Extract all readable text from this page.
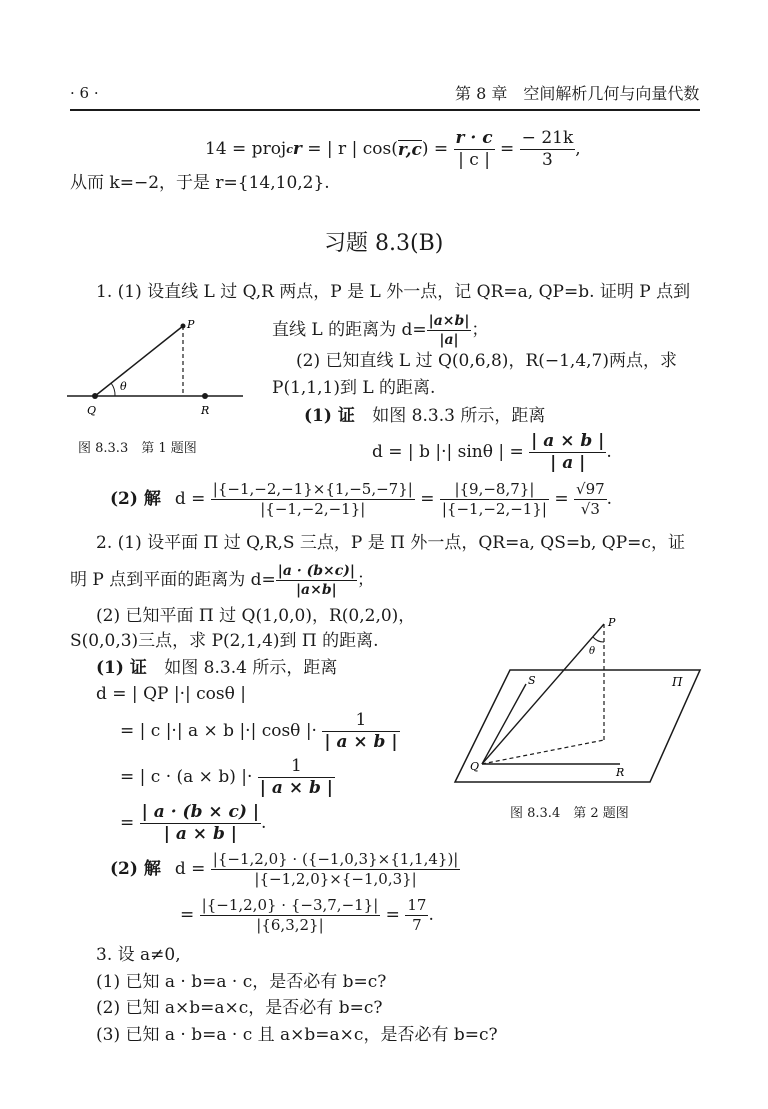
· 6 ·	第 8 章　空间解析几何与向量代数
14 = proj c r = | r | cos( r,c ) = $\frac{r \cdot c}{| c |} = \frac{- 21k}{3}$ ,
从而 k=−2，于是 r={14,10,2}.
习题 8.3(B)
1. (1) 设直线 L 过 Q,R 两点，P 是 L 外一点，记 QR=a, QP=b. 证明 P 点到
直线 L 的距离为 $d= \frac{|a\times b|}{|a|}$ ；
(2) 已知直线 L 过 Q(0,6,8)，R(−1,4,7)两点，求
P(1,1,1)到 L 的距离.
P
Q	R
θ
图 8.3.3　第 1 题图
(1) 证 如图 8.3.3 所示，距离
d = | b |·| sinθ | = $\frac{| a \times b |}{| a |}$ .
(2) 解 $d = \frac{|\{-1,-2,-1\}\times\{1,-5,-7\}|}{|\{-1,-2,-1\}|} = \frac{|\{9,-8,7\}|}{|\{-1,-2,-1\}|} = \frac{√97}{√3}$ .
2. (1) 设平面 Π 过 Q,R,S 三点，P 是 Π 外一点，QR=a, QS=b, QP=c，证
明 P 点到平面的距离为 $d= \frac{|a \cdot (b\times c)|}{|a\times b|}$ ；
(2) 已知平面 Π 过 Q(1,0,0)，R(0,2,0)，
S(0,0,3)三点，求 P(2,1,4)到 Π 的距离.
(1) 证 如图 8.3.4 所示，距离
d = | QP |·| cosθ |
= | c |·| a × b |·| cosθ |· $\frac{1}{| a \times b |}$
= | c · (a × b) |· $\frac{1}{| a \times b |}$
= $\frac{| a \cdot (b \times c) |}{| a \times b |}$ .
P
θ
S	Π
Q	R
图 8.3.4　第 2 题图
(2) 解 $d = \frac{|\{-1,2,0\} \cdot (\{-1,0,3\}\times\{1,1,4\})|}{|\{-1,2,0\}\times\{-1,0,3\}|}$
= $\frac{|\{-1,2,0\} \cdot \{-3,7,-1\}|}{|\{6,3,2\}|} = \frac{17}{7}$ .
3. 设 a≠0,
(1) 已知 a · b=a · c，是否必有 b=c?
(2) 已知 a×b=a×c，是否必有 b=c?
(3) 已知 a · b=a · c 且 a×b=a×c，是否必有 b=c?
